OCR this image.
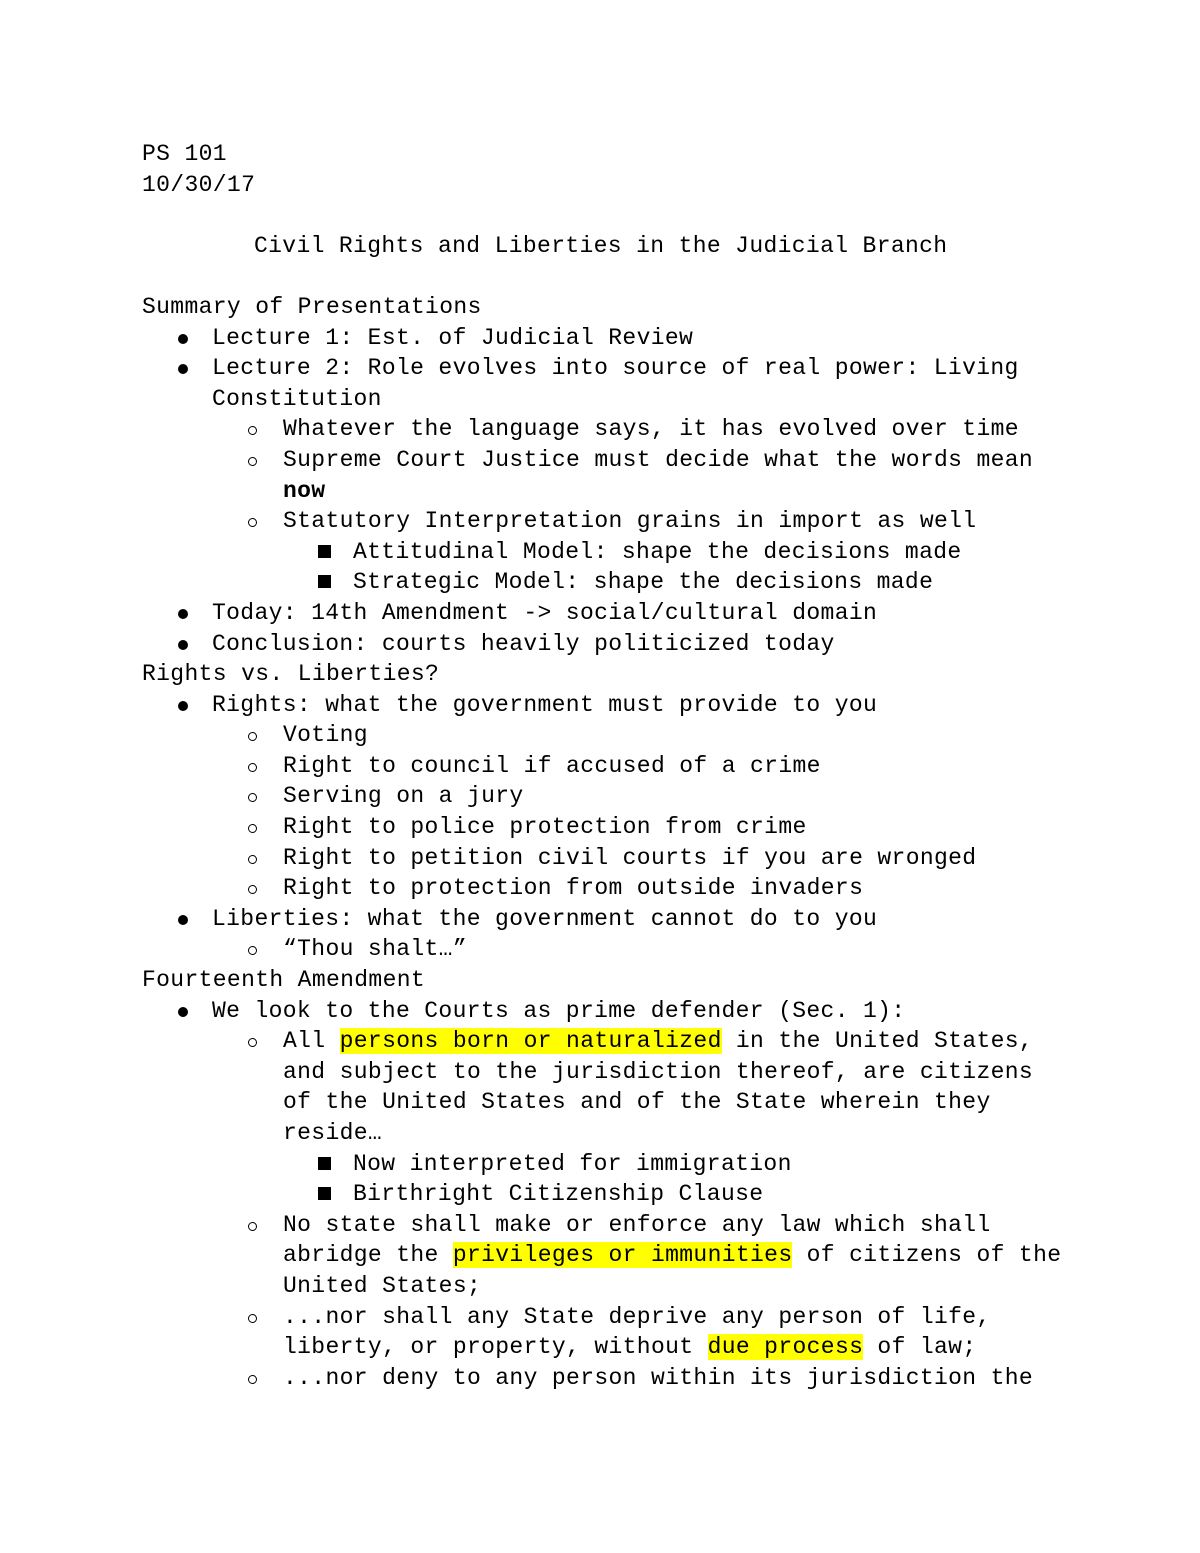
PS 101
10/30/17
Civil Rights and Liberties in the Judicial Branch
Summary of Presentations
Lecture 1: Est. of Judicial Review
Lecture 2: Role evolves into source of real power: Living
Constitution
Whatever the language says, it has evolved over time
Supreme Court Justice must decide what the words mean
now
Statutory Interpretation grains in import as well
Attitudinal Model: shape the decisions made
Strategic Model: shape the decisions made
Today: 14th Amendment -> social/cultural domain
Conclusion: courts heavily politicized today
Rights vs. Liberties?
Rights: what the government must provide to you
Voting
Right to council if accused of a crime
Serving on a jury
Right to police protection from crime
Right to petition civil courts if you are wronged
Right to protection from outside invaders
Liberties: what the government cannot do to you
“Thou shalt…”
Fourteenth Amendment
We look to the Courts as prime defender (Sec. 1):
All persons born or naturalized in the United States,
and subject to the jurisdiction thereof, are citizens
of the United States and of the State wherein they
reside…
Now interpreted for immigration
Birthright Citizenship Clause
No state shall make or enforce any law which shall
abridge the privileges or immunities of citizens of the
United States;
...nor shall any State deprive any person of life,
liberty, or property, without due process of law;
...nor deny to any person within its jurisdiction the
